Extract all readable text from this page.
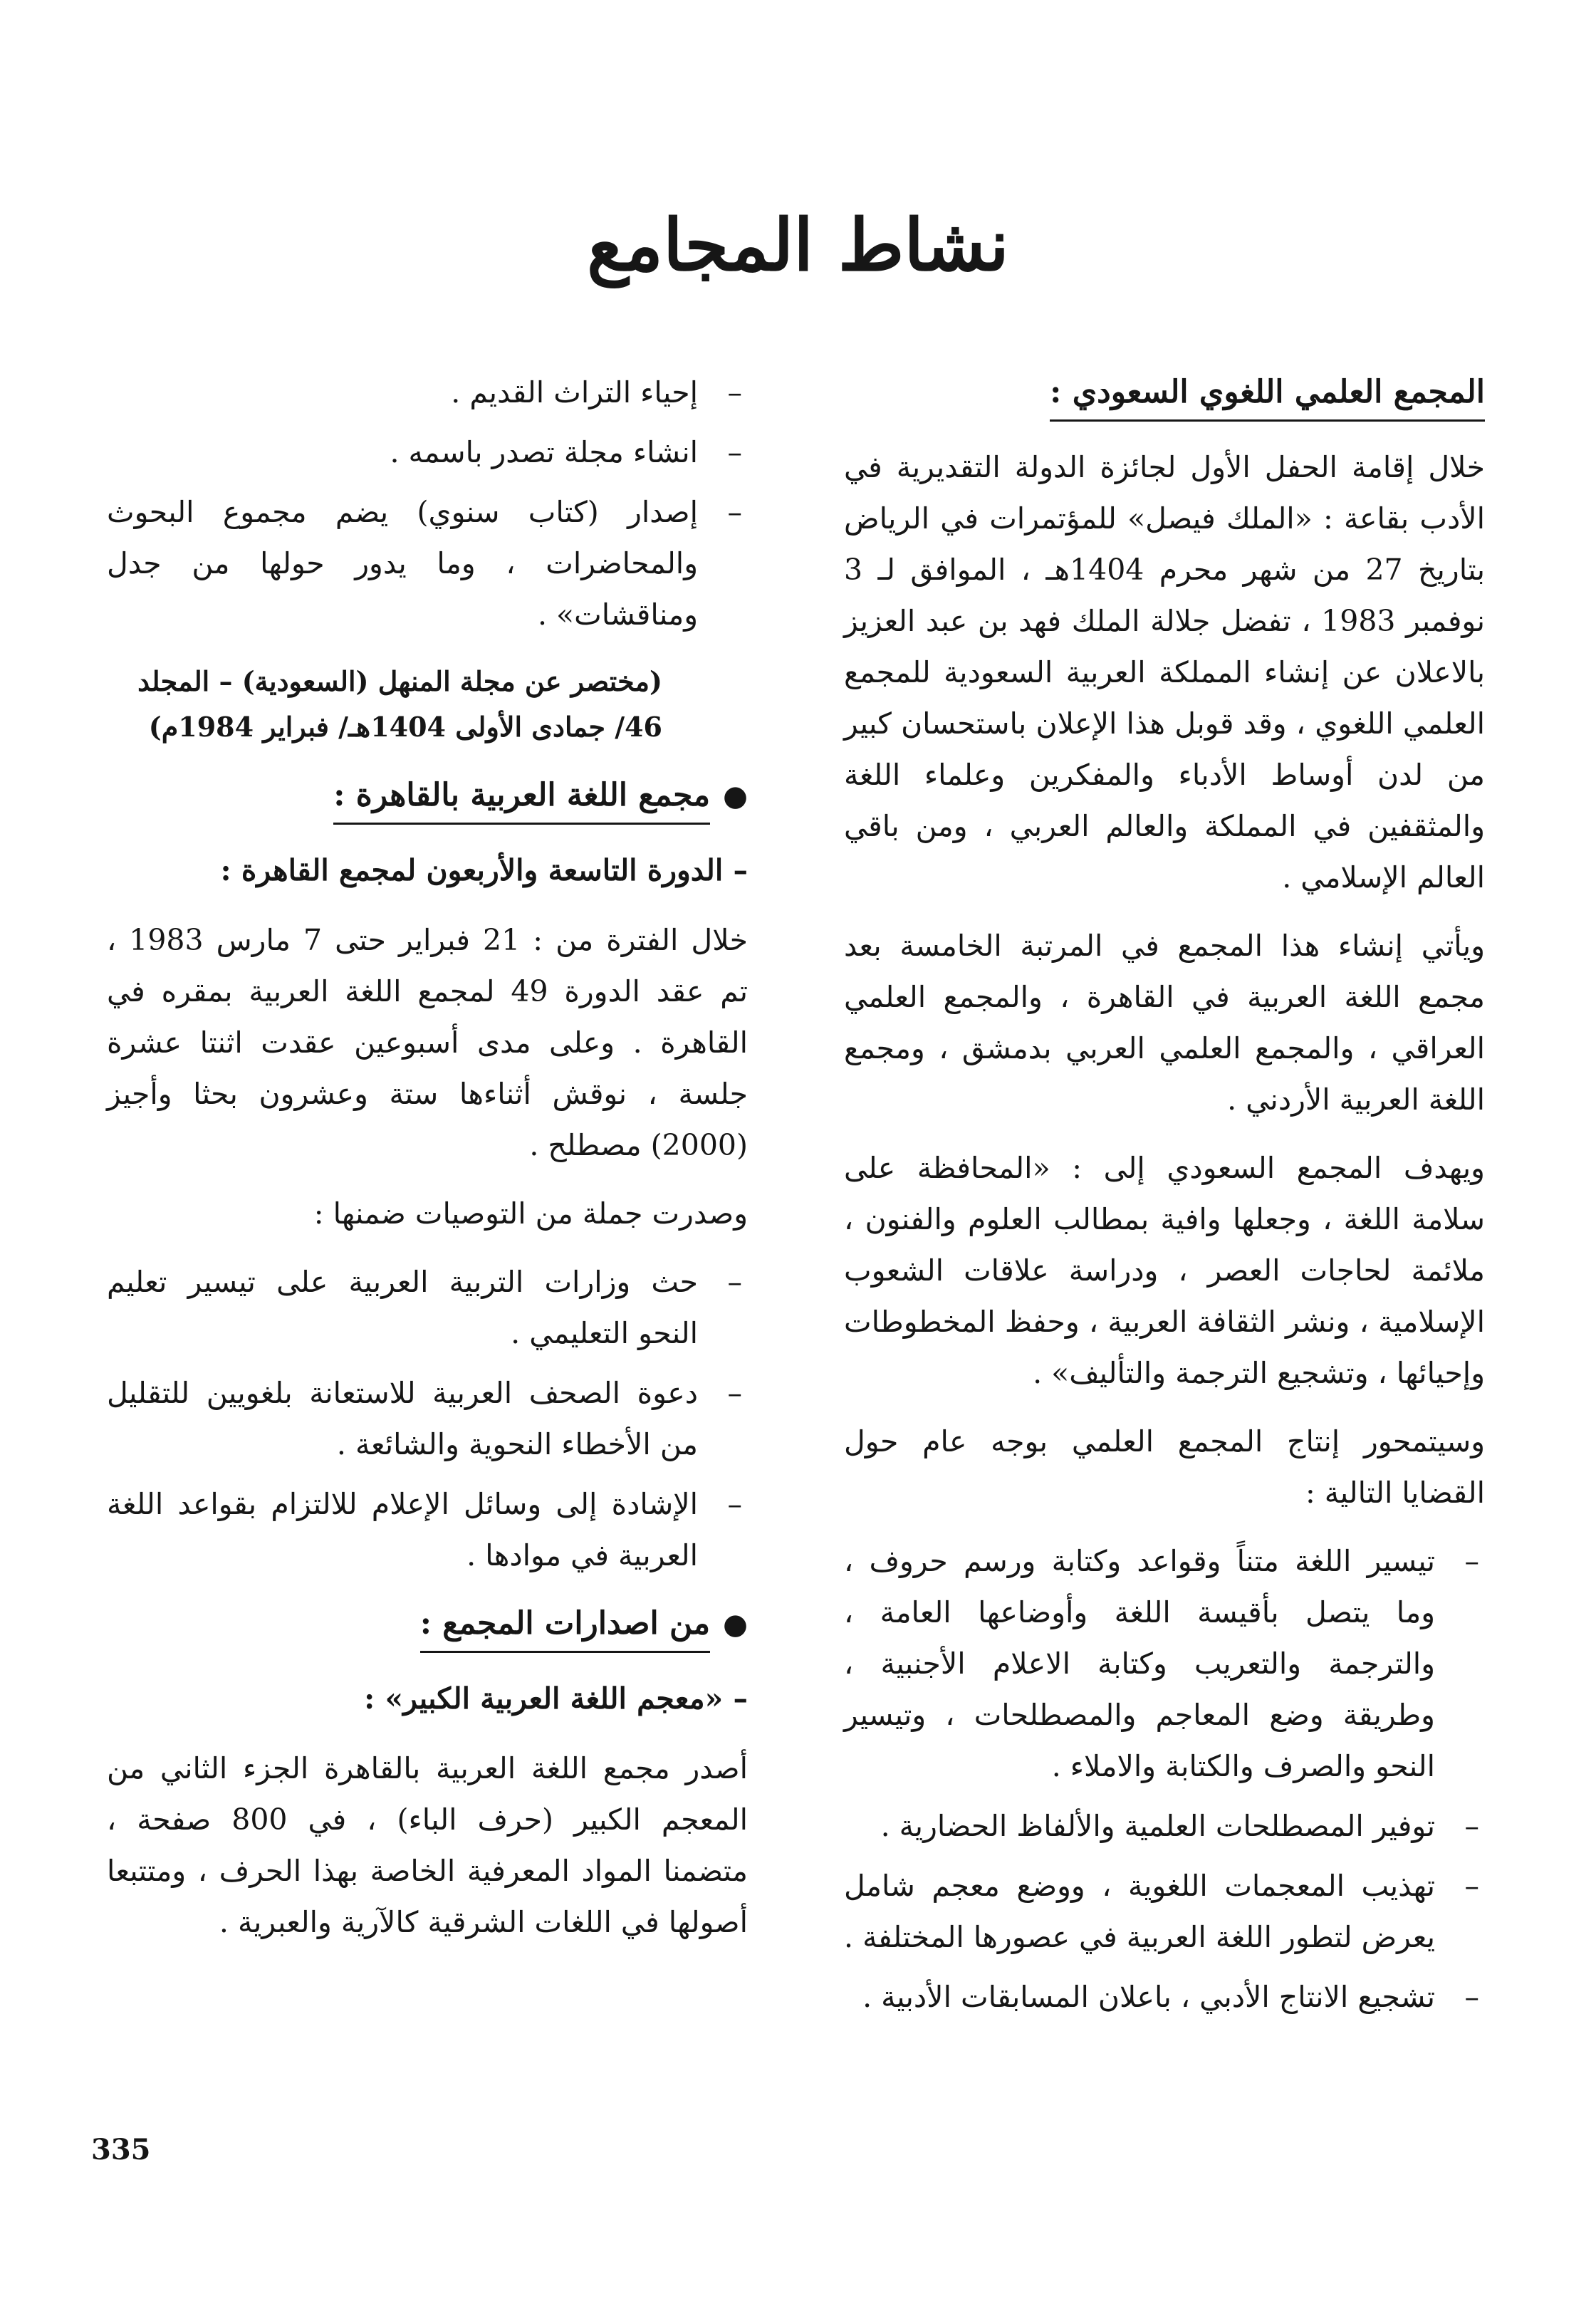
نشاط المجامع
المجمع العلمي اللغوي السعودي :

خلال إقامة الحفل الأول لجائزة الدولة التقديرية في الأدب بقاعة : «الملك فيصل» للمؤتمرات في الرياض بتاريخ 27 من شهر محرم 1404هـ ، الموافق لـ 3 نوفمبر 1983 ، تفضل جلالة الملك فهد بن عبد العزيز بالاعلان عن إنشاء المملكة العربية السعودية للمجمع العلمي اللغوي ، وقد قوبل هذا الإعلان باستحسان كبير من لدن أوساط الأدباء والمفكرين وعلماء اللغة والمثقفين في المملكة والعالم العربي ، ومن باقي العالم الإسلامي .

ويأتي إنشاء هذا المجمع في المرتبة الخامسة بعد مجمع اللغة العربية في القاهرة ، والمجمع العلمي العراقي ، والمجمع العلمي العربي بدمشق ، ومجمع اللغة العربية الأردني .

ويهدف المجمع السعودي إلى : «المحافظة على سلامة اللغة ، وجعلها وافية بمطالب العلوم والفنون ، ملائمة لحاجات العصر ، ودراسة علاقات الشعوب الإسلامية ، ونشر الثقافة العربية ، وحفظ المخطوطات وإحيائها ، وتشجيع الترجمة والتأليف» .

وسيتمحور إنتاج المجمع العلمي بوجه عام حول القضايا التالية :

– تيسير اللغة متناً وقواعد وكتابة ورسم حروف ، وما يتصل بأقيسة اللغة وأوضاعها العامة ، والترجمة والتعريب وكتابة الاعلام الأجنبية ، وطريقة وضع المعاجم والمصطلحات ، وتيسير النحو والصرف والكتابة والاملاء .
– توفير المصطلحات العلمية والألفاظ الحضارية .
– تهذيب المعجمات اللغوية ، ووضع معجم شامل يعرض لتطور اللغة العربية في عصورها المختلفة .
– تشجيع الانتاج الأدبي ، باعلان المسابقات الأدبية .
– إحياء التراث القديم .
– انشاء مجلة تصدر باسمه .
– إصدار (كتاب سنوي) يضم مجموع البحوث والمحاضرات ، وما يدور حولها من جدل ومناقشات» .
(مختصر عن مجلة المنهل (السعودية) – المجلد 46/ جمادى الأولى 1404هـ/ فبراير 1984م)
●
مجمع اللغة العربية بالقاهرة :
– الدورة التاسعة والأربعون لمجمع القاهرة :

خلال الفترة من : 21 فبراير حتى 7 مارس 1983 ، تم عقد الدورة 49 لمجمع اللغة العربية بمقره في القاهرة . وعلى مدى أسبوعين عقدت اثنتا عشرة جلسة ، نوقش أثناءها ستة وعشرون بحثا وأجيز (2000) مصطلح .

وصدرت جملة من التوصيات ضمنها :

– حث وزارات التربية العربية على تيسير تعليم النحو التعليمي .
– دعوة الصحف العربية للاستعانة بلغويين للتقليل من الأخطاء النحوية والشائعة .
– الإشادة إلى وسائل الإعلام للالتزام بقواعد اللغة العربية في موادها .
●
من اصدارات المجمع :
– «معجم اللغة العربية الكبير» :

أصدر مجمع اللغة العربية بالقاهرة الجزء الثاني من المعجم الكبير (حرف الباء) ، في 800 صفحة ، متضمنا المواد المعرفية الخاصة بهذا الحرف ، ومتتبعا أصولها في اللغات الشرقية كالآرية والعبرية .

335
